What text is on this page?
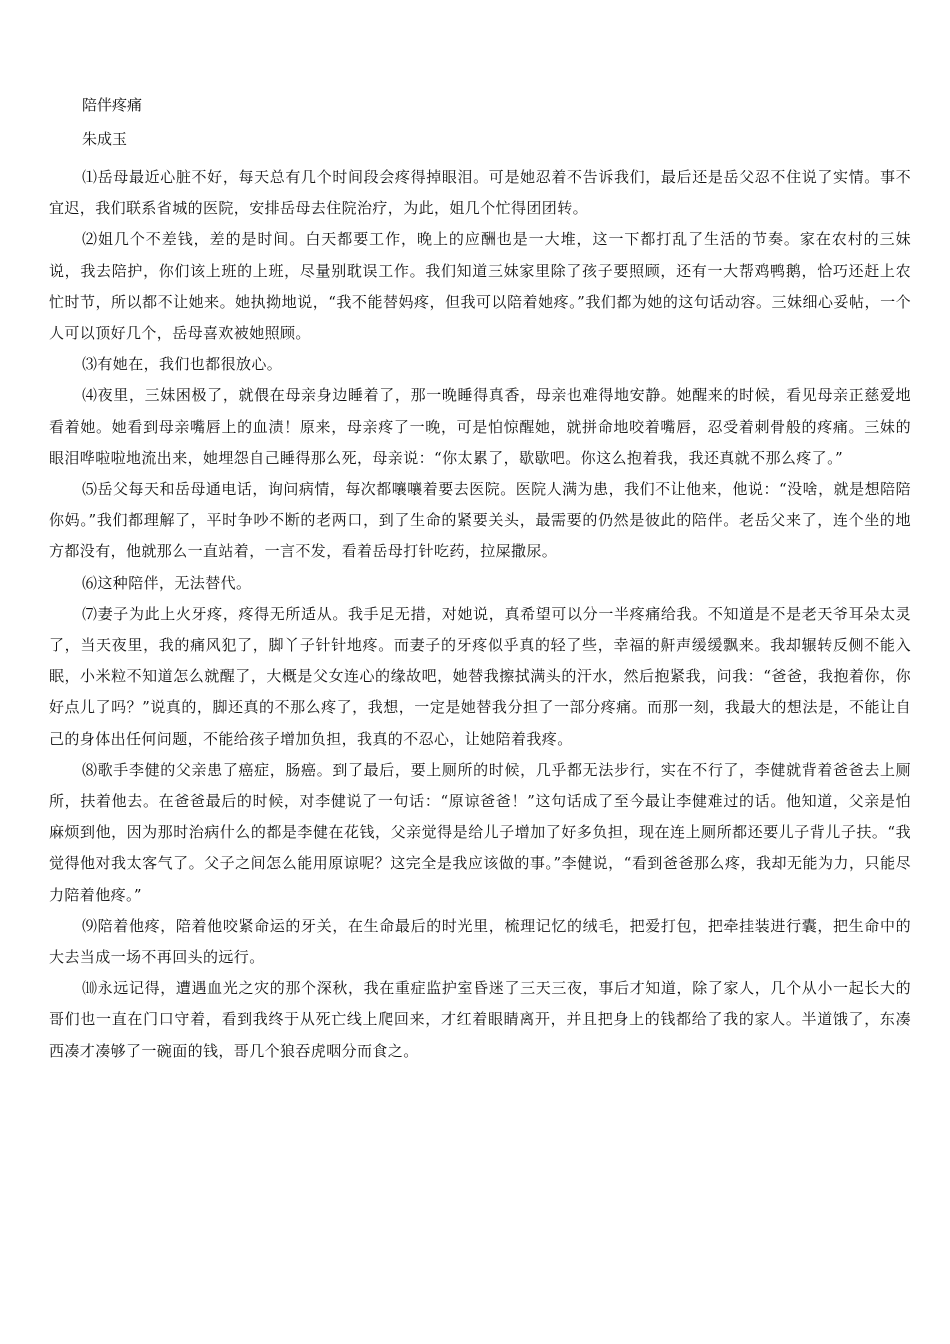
陪伴疼痛
朱成玉

⑴岳母最近心脏不好，每天总有几个时间段会疼得掉眼泪。可是她忍着不告诉我们，最后还是岳父忍不住说了实情。事不宜迟，我们联系省城的医院，安排岳母去住院治疗，为此，姐几个忙得团团转。

⑵姐几个不差钱，差的是时间。白天都要工作，晚上的应酬也是一大堆，这一下都打乱了生活的节奏。家在农村的三妹说，我去陪护，你们该上班的上班，尽量别耽误工作。我们知道三妹家里除了孩子要照顾，还有一大帮鸡鸭鹅，恰巧还赶上农忙时节，所以都不让她来。她执拗地说，“我不能替妈疼，但我可以陪着她疼。”我们都为她的这句话动容。三妹细心妥帖，一个人可以顶好几个，岳母喜欢被她照顾。

⑶有她在，我们也都很放心。

⑷夜里，三妹困极了，就偎在母亲身边睡着了，那一晚睡得真香，母亲也难得地安静。她醒来的时候，看见母亲正慈爱地看着她。她看到母亲嘴唇上的血渍！原来，母亲疼了一晚，可是怕惊醒她，就拼命地咬着嘴唇，忍受着刺骨般的疼痛。三妹的眼泪哗啦啦地流出来，她埋怨自己睡得那么死，母亲说：“你太累了，歇歇吧。你这么抱着我，我还真就不那么疼了。”

⑸岳父每天和岳母通电话，询问病情，每次都嚷嚷着要去医院。医院人满为患，我们不让他来，他说：“没啥，就是想陪陪你妈。”我们都理解了，平时争吵不断的老两口，到了生命的紧要关头，最需要的仍然是彼此的陪伴。老岳父来了，连个坐的地方都没有，他就那么一直站着，一言不发，看着岳母打针吃药，拉屎撒尿。

⑹这种陪伴，无法替代。

⑺妻子为此上火牙疼，疼得无所适从。我手足无措，对她说，真希望可以分一半疼痛给我。不知道是不是老天爷耳朵太灵了，当天夜里，我的痛风犯了，脚丫子针针地疼。而妻子的牙疼似乎真的轻了些，幸福的鼾声缓缓飘来。我却辗转反侧不能入眠，小米粒不知道怎么就醒了，大概是父女连心的缘故吧，她替我擦拭满头的汗水，然后抱紧我，问我：“爸爸，我抱着你，你好点儿了吗？”说真的，脚还真的不那么疼了，我想，一定是她替我分担了一部分疼痛。而那一刻，我最大的想法是，不能让自己的身体出任何问题，不能给孩子增加负担，我真的不忍心，让她陪着我疼。

⑻歌手李健的父亲患了癌症，肠癌。到了最后，要上厕所的时候，几乎都无法步行，实在不行了，李健就背着爸爸去上厕所，扶着他去。在爸爸最后的时候，对李健说了一句话：“原谅爸爸！”这句话成了至今最让李健难过的话。他知道，父亲是怕麻烦到他，因为那时治病什么的都是李健在花钱，父亲觉得是给儿子增加了好多负担，现在连上厕所都还要儿子背儿子扶。“我觉得他对我太客气了。父子之间怎么能用原谅呢？这完全是我应该做的事。”李健说，“看到爸爸那么疼，我却无能为力，只能尽力陪着他疼。”

⑼陪着他疼，陪着他咬紧命运的牙关，在生命最后的时光里，梳理记忆的绒毛，把爱打包，把牵挂装进行囊，把生命中的大去当成一场不再回头的远行。

⑽永远记得，遭遇血光之灾的那个深秋，我在重症监护室昏迷了三天三夜，事后才知道，除了家人，几个从小一起长大的哥们也一直在门口守着，看到我终于从死亡线上爬回来，才红着眼睛离开，并且把身上的钱都给了我的家人。半道饿了，东凑西凑才凑够了一碗面的钱，哥几个狼吞虎咽分而食之。
